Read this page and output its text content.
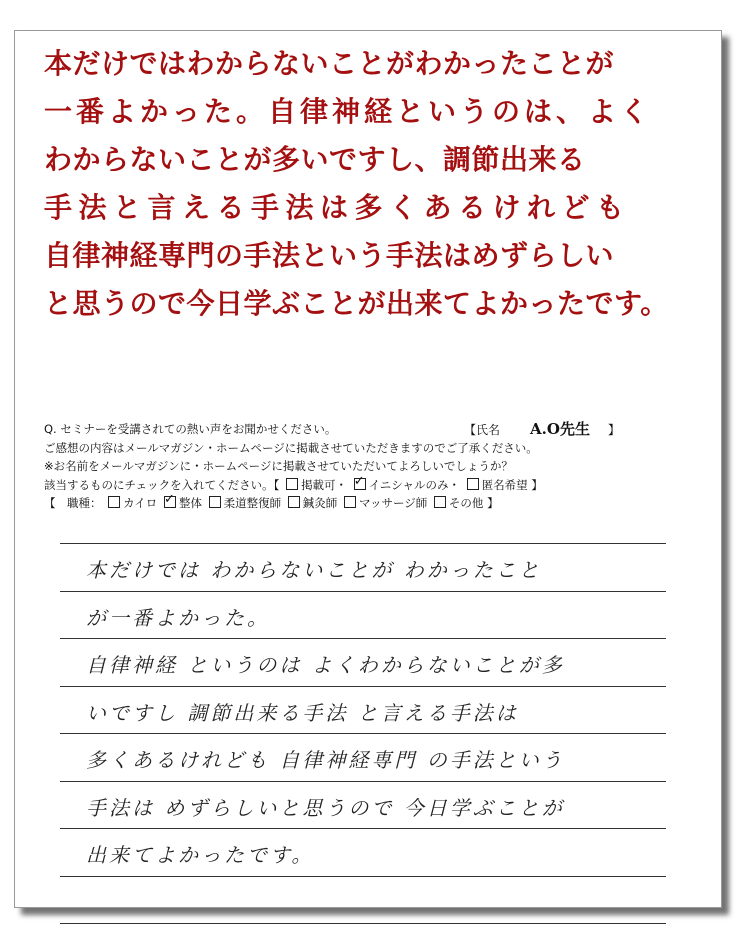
本だけではわからないことがわかったことが
一番よかった。自律神経というのは、よく
わからないことが多いですし、調節出来る
手法と言える手法は多くあるけれども
自律神経専門の手法という手法はめずらしい
と思うので今日学ぶことが出来てよかったです。
Q. セミナーを受講されての熱い声をお聞かせください。	【氏名 A.O先生 】
ご感想の内容はメールマガジン・ホームページに掲載させていただきますのでご了承ください。
※お名前をメールマガジンに・ホームページに掲載させていただいてよろしいでしょうか？
該当するものにチェックを入れてください。【 掲載可・ ✓ イニシャルのみ・ 匿名希望 】
【　職種： カイロ ✓ 整体 柔道整復師 鍼灸師 マッサージ師 その他 】
本だけでは わからないことが わかったこと
が一番よかった。
自律神経 というのは よくわからないことが多
いですし 調節出来る手法 と言える手法は
多くあるけれども 自律神経専門 の手法という
手法は めずらしいと思うので 今日学ぶことが
出来てよかったです。
